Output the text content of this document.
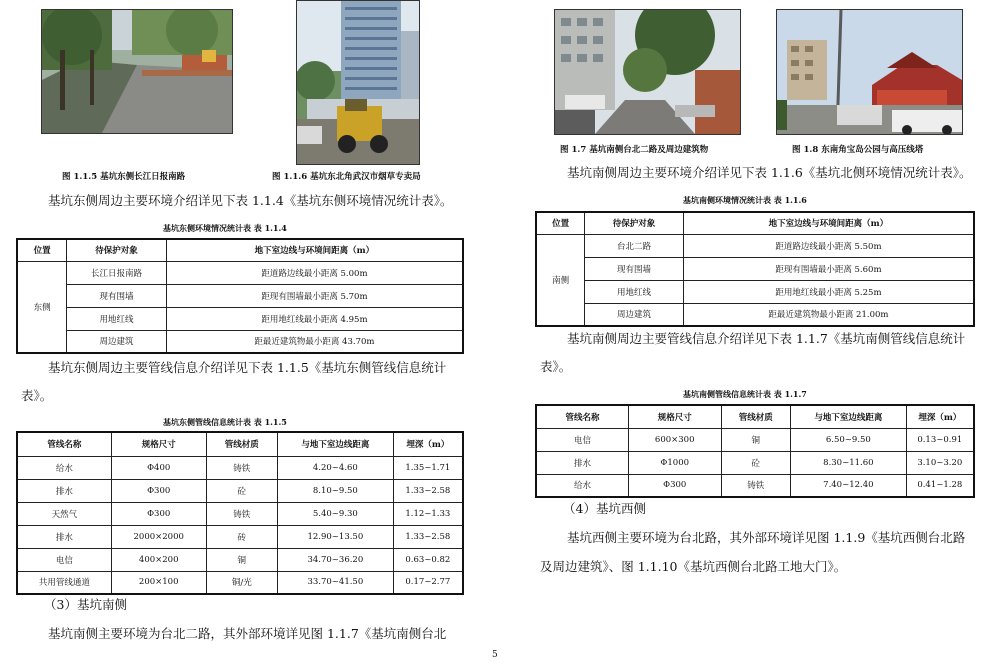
图 1.1.5 基坑东侧长江日报南路	图 1.1.6 基坑东北角武汉市烟草专卖局
基坑东侧周边主要环境介绍详见下表 1.1.4《基坑东侧环境情况统计表》。
基坑东侧环境情况统计表 表 1.1.4
位置	待保护对象	地下室边线与环境间距离（m）
东侧	长江日报南路	距道路边线最小距离 5.00m
	现有围墙	距现有围墙最小距离 5.70m
	用地红线	距用地红线最小距离 4.95m
	周边建筑	距最近建筑物最小距离 43.70m
基坑东侧周边主要管线信息介绍详见下表 1.1.5《基坑东侧管线信息统计
表》。
基坑东侧管线信息统计表 表 1.1.5
管线名称	规格尺寸	管线材质	与地下室边线距离	埋深（m）
给水	Φ400	铸铁	4.20~4.60	1.35~1.71
排水	Φ300	砼	8.10~9.50	1.33~2.58
天然气	Φ300	铸铁	5.40~9.30	1.12~1.33
排水	2000×2000	砖	12.90~13.50	1.33~2.58
电信	400×200	铜	34.70~36.20	0.63~0.82
共用管线通道	200×100	铜/光	33.70~41.50	0.17~2.77
（3）基坑南侧
基坑南侧主要环境为台北二路，其外部环境详见图 1.1.7《基坑南侧台北
图 1.7 基坑南侧台北二路及周边建筑物	图 1.8 东南角宝岛公园与高压线塔
基坑南侧周边主要环境介绍详见下表 1.1.6《基坑北侧环境情况统计表》。
基坑南侧环境情况统计表 表 1.1.6
位置	待保护对象	地下室边线与环境间距离（m）
南侧	台北二路	距道路边线最小距离 5.50m
	现有围墙	距现有围墙最小距离 5.60m
	用地红线	距用地红线最小距离 5.25m
	周边建筑	距最近建筑物最小距离 21.00m
基坑南侧周边主要管线信息介绍详见下表 1.1.7《基坑南侧管线信息统计
表》。
基坑南侧管线信息统计表 表 1.1.7
管线名称	规格尺寸	管线材质	与地下室边线距离	埋深（m）
电信	600×300	铜	6.50~9.50	0.13~0.91
排水	Φ1000	砼	8.30~11.60	3.10~3.20
给水	Φ300	铸铁	7.40~12.40	0.41~1.28
（4）基坑西侧
基坑西侧主要环境为台北路，其外部环境详见图 1.1.9《基坑西侧台北路
及周边建筑》、图 1.1.10《基坑西侧台北路工地大门》。
5
